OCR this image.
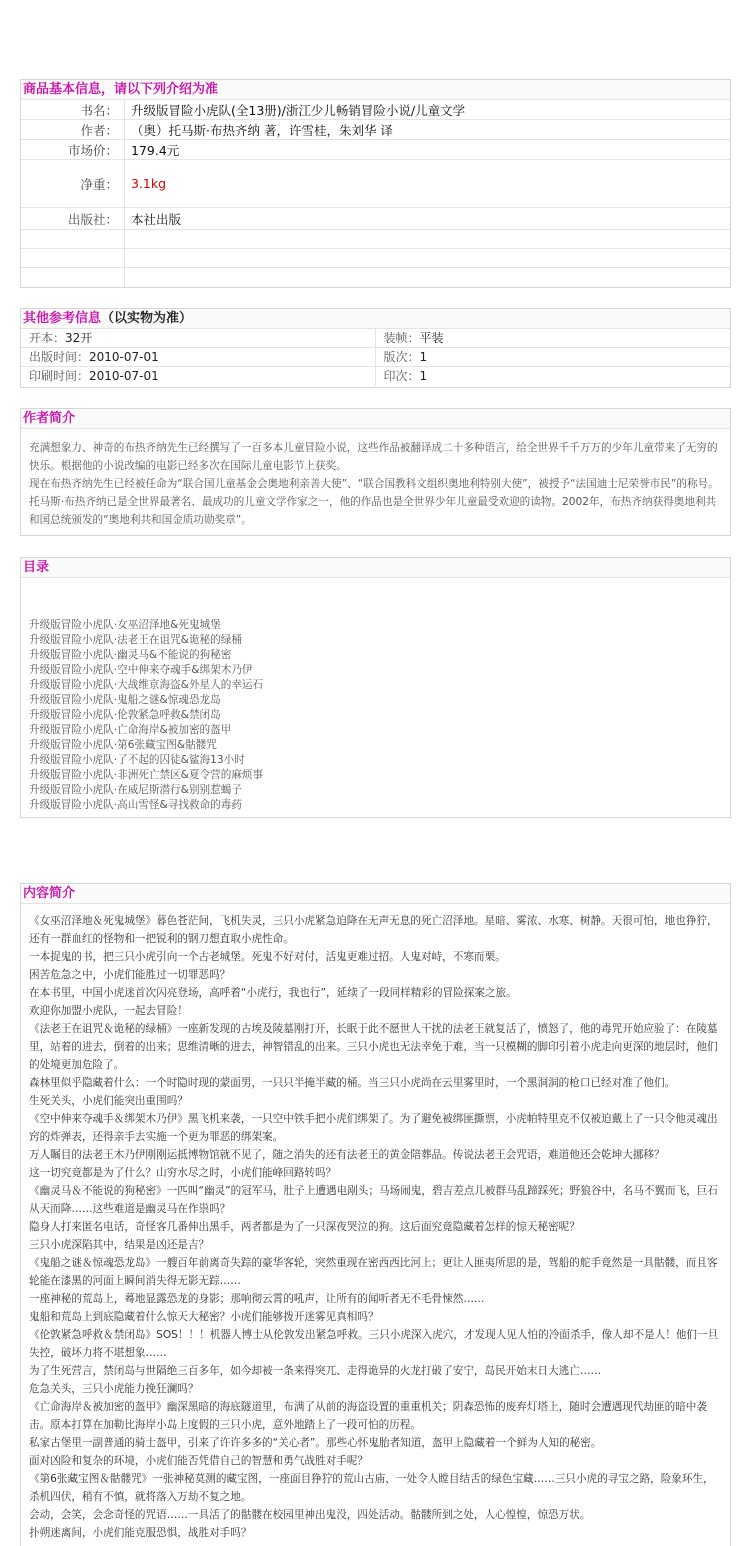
商品基本信息，请以下列介绍为准
书名：	升级版冒险小虎队(全13册)/浙江少儿畅销冒险小说/儿童文学
作者：	（奥）托马斯·布热齐纳 著，许雪桂，朱刘华 译
市场价：	179.4元
净重：	3.1kg
出版社：	本社出版
其他参考信息（以实物为准）
开本：32开	装帧：平装
出版时间：2010-07-01	版次：1
印刷时间：2010-07-01	印次：1
作者简介

充满想象力、神奇的布热齐纳先生已经撰写了一百多本儿童冒险小说，这些作品被翻译成二十多种语言，给全世界千千万万的少年儿童带来了无穷的快乐。根据他的小说改编的电影已经多次在国际儿童电影节上获奖。
现在布热齐纳先生已经被任命为“联合国儿童基金会奥地利亲善大使”、“联合国教科文组织奥地利特别大使”，被授予“法国迪士尼荣誉市民”的称号。 托马斯·布热齐纳已是全世界最著名、最成功的儿童文学作家之一，他的作品也是全世界少年儿童最受欢迎的读物。2002年，布热齐纳获得奥地利共和国总统颁发的“奥地利共和国金质功勋奖章”。

目录
升级版冒险小虎队·女巫沼泽地&死鬼城堡
升级版冒险小虎队·法老王在诅咒&诡秘的绿桶
升级版冒险小虎队·幽灵马&不能说的狗秘密
升级版冒险小虎队·空中伸来夺魂手&绑架木乃伊
升级版冒险小虎队·大战维京海盗&外星人的幸运石
升级版冒险小虎队·鬼船之谜&惊魂恐龙岛
升级版冒险小虎队·伦敦紧急呼救&禁闭岛
升级版冒险小虎队·亡命海岸&被加密的盔甲
升级版冒险小虎队·第6张藏宝图&骷髅咒
升级版冒险小虎队·了不起的囚徒&鲨海13小时
升级版冒险小虎队·非洲死亡禁区&夏令营的麻烦事
升级版冒险小虎队·在威尼斯潜行&别别惹蝎子
升级版冒险小虎队·高山雪怪&寻找救命的毒药
内容简介

《女巫沼泽地＆死鬼城堡》暮色苍茫间，飞机失灵，三只小虎紧急迫降在无声无息的死亡沼泽地。星暗、雾浓、水寒、树静。天很可怕，地也狰狞，还有一群血红的怪物和一把锐利的钢刀想直取小虎性命。

一本捉鬼的书，把三只小虎引向一个古老城堡。死鬼不好对付，活鬼更难过招。人鬼对峙，不寒而栗。

困苦危急之中，小虎们能胜过一切罪恶吗？

在本书里，中国小虎迷首次闪亮登场，高呼着“小虎行，我也行”，延续了一段同样精彩的冒险探案之旅。

欢迎你加盟小虎队，一起去冒险！

《法老王在诅咒＆诡秘的绿桶》一座新发现的古埃及陵墓刚打开，长眠于此不愿世人干扰的法老王就复活了，愤怒了，他的毒咒开始应验了：在陵墓里，站着的进去，倒着的出来；思维清晰的进去，神智错乱的出来。三只小虎也无法幸免于难，当一只模糊的脚印引着小虎走向更深的地层时，他们的处境更加危险了。

森林里似乎隐藏着什么：一个时隐时现的蒙面男，一只只半掩半藏的桶。当三只小虎尚在云里雾里时，一个黑洞洞的枪口已经对准了他们。

生死关头，小虎们能突出重围吗？

《空中伸来夺魂手＆绑架木乃伊》黑飞机来袭，一只空中铁手把小虎们绑架了。为了避免被绑匪撕票，小虎帕特里克不仅被迫戴上了一只令他灵魂出窍的炸弹表，还得亲手去实施一个更为罪恶的绑架案。

万人瞩目的法老王木乃伊刚刚运抵博物馆就不见了，随之消失的还有法老王的黄金陪葬品。传说法老王会咒语，难道他还会乾坤大挪移？

这一切究竟都是为了什么？山穷水尽之时，小虎们能峰回路转吗？

《幽灵马＆不能说的狗秘密》一匹叫“幽灵”的冠军马，肚子上遭遇电剐头；马场闹鬼，碧吉差点儿被群马乱蹄踩死；野狼谷中，名马不翼而飞，巨石从天而降……这些难道是幽灵马在作祟吗？

隐身人打来匿名电话，奇怪客几番伸出黑手，两者都是为了一只深夜哭泣的狗。这后面究竟隐藏着怎样的惊天秘密呢？

三只小虎深陷其中，结果是凶还是吉？

《鬼船之谜＆惊魂恐龙岛》一艘百年前离奇失踪的豪华客轮，突然重现在密西西比河上；更让人匪夷所思的是，驾船的舵手竟然是一具骷髅，而且客轮能在漆黑的河面上瞬间消失得无影无踪……

一座神秘的荒岛上，蓦地显露恐龙的身影；那响彻云霄的吼声，让所有的闻听者无不毛骨悚然……

鬼船和荒岛上到底隐藏着什么惊天大秘密？小虎们能够拨开迷雾见真相吗？

《伦敦紧急呼救＆禁闭岛》SOS！！！机器人博士从伦敦发出紧急呼救。三只小虎深入虎穴，才发现人见人怕的冷面杀手，像人却不是人！他们一旦失控，破坏力将不堪想象……

为了生死营言，禁闭岛与世隔绝三百多年，如今却被一条来得突兀、走得诡异的火龙打破了安宁，岛民开始末日大逃亡……

危急关头，三只小虎能力挽狂澜吗？

《亡命海岸＆被加密的盔甲》幽深黑暗的海底隧道里，布满了从前的海盗设置的重重机关；阴森恐怖的废弃灯塔上，随时会遭遇现代劫匪的暗中袭击。原本打算在加勒比海岸小岛上度假的三只小虎，意外地踏上了一段可怕的历程。

私家古堡里一副普通的骑士盔甲，引来了许许多多的“关心者”。那些心怀鬼胎者知道，盔甲上隐藏着一个鲜为人知的秘密。

面对凶险和复杂的环境，小虎们能否凭借自己的智慧和勇气战胜对手呢？

《第6张藏宝图＆骷髅咒》一张神秘莫测的藏宝图，一座面目狰狞的荒山古庙，一处令人瞠目结舌的绿色宝藏……三只小虎的寻宝之路，险象环生，杀机四伏，稍有不慎，就将落入万劫不复之地。

会动，会笑，会念奇怪的咒语……一具活了的骷髅在校园里神出鬼没，四处活动。骷髅所到之处，人心惶惶，惊恐万状。

扑朔迷离间，小虎们能克服恐惧，战胜对手吗？
